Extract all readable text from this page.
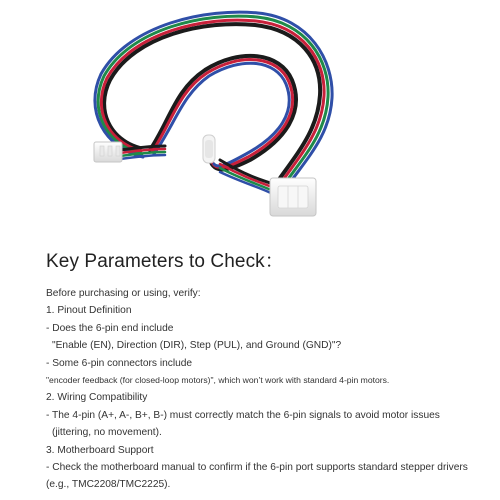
Key Parameters to Check：
Before purchasing or using, verify:
1. Pinout Definition
- Does the 6-pin end include
"Enable (EN), Direction (DIR), Step (PUL), and Ground (GND)"?
- Some 6-pin connectors include
"encoder feedback (for closed-loop motors)", which won’t work with standard 4-pin motors.
2. Wiring Compatibility
- The 4-pin (A+, A-, B+, B-) must correctly match the 6-pin signals to avoid motor issues
(jittering, no movement).
3. Motherboard Support
- Check the motherboard manual to confirm if the 6-pin port supports standard stepper drivers
(e.g., TMC2208/TMC2225).
